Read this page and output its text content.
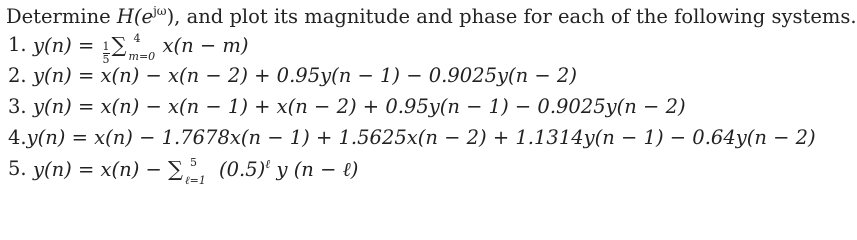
Determine $H(e^{j\omega})$, and plot its magnitude and phase for each of the following systems.

1. $y(n) = \frac{1}{5}$ ∑ 4
m=0 x(n − m)
2. y(n) = x(n) − x(n − 2) + 0.95y(n − 1) − 0.9025y(n − 2)
3. y(n) = x(n) − x(n − 1) + x(n − 2) + 0.95y(n − 1) − 0.9025y(n − 2)
4. y(n) = x(n) − 1.7678x(n − 1) + 1.5625x(n − 2) + 1.1314y(n − 1) − 0.64y(n − 2)
5. y(n) = x(n) − ∑ 5
ℓ=1 $(0.5)^\ell$ y (n − ℓ)
